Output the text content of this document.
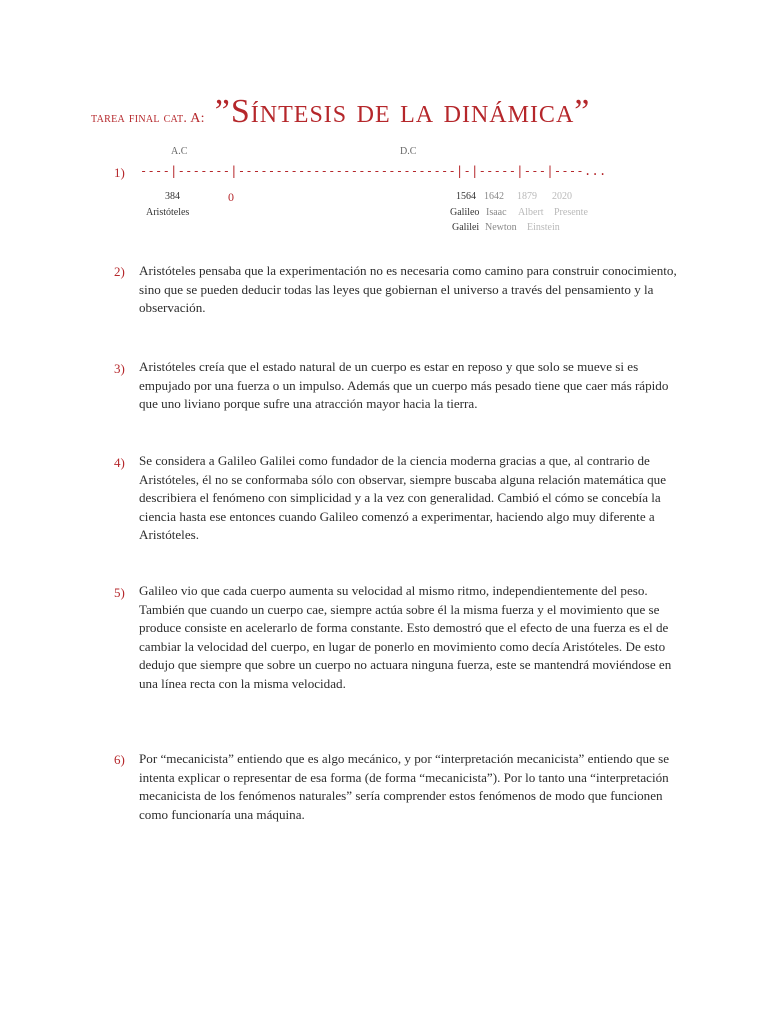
tarea final cat. A: ”Síntesis de la dinámica”
A.C	D.C
1) ----|-------|-----------------------------|-|-----|---|----...
384
Aristóteles
0	1564
Galileo
Galilei
1642
Isaac
Newton
1879
Albert
Einstein
2020
Presente
2) Aristóteles pensaba que la experimentación no es necesaria como camino para construir conocimiento, sino que se pueden deducir todas las leyes que gobiernan el universo a través del pensamiento y la observación.
3) Aristóteles creía que el estado natural de un cuerpo es estar en reposo y que solo se mueve si es empujado por una fuerza o un impulso. Además que un cuerpo más pesado tiene que caer más rápido que uno liviano porque sufre una atracción mayor hacia la tierra.
4) Se considera a Galileo Galilei como fundador de la ciencia moderna gracias a que, al contrario de Aristóteles, él no se conformaba sólo con observar, siempre buscaba alguna relación matemática que describiera el fenómeno con simplicidad y a la vez con generalidad. Cambió el cómo se concebía la ciencia hasta ese entonces cuando Galileo comenzó a experimentar, haciendo algo muy diferente a Aristóteles.
5) Galileo vio que cada cuerpo aumenta su velocidad al mismo ritmo, independientemente del peso. También que cuando un cuerpo cae, siempre actúa sobre él la misma fuerza y el movimiento que se produce consiste en acelerarlo de forma constante. Esto demostró que el efecto de una fuerza es el de cambiar la velocidad del cuerpo, en lugar de ponerlo en movimiento como decía Aristóteles. De esto dedujo que siempre que sobre un cuerpo no actuara ninguna fuerza, este se mantendrá moviéndose en una línea recta con la misma velocidad.
6) Por “mecanicista” entiendo que es algo mecánico, y por “interpretación mecanicista” entiendo que se intenta explicar o representar de esa forma (de forma “mecanicista”). Por lo tanto una “interpretación mecanicista de los fenómenos naturales” sería comprender estos fenómenos de modo que funcionen como funcionaría una máquina.
